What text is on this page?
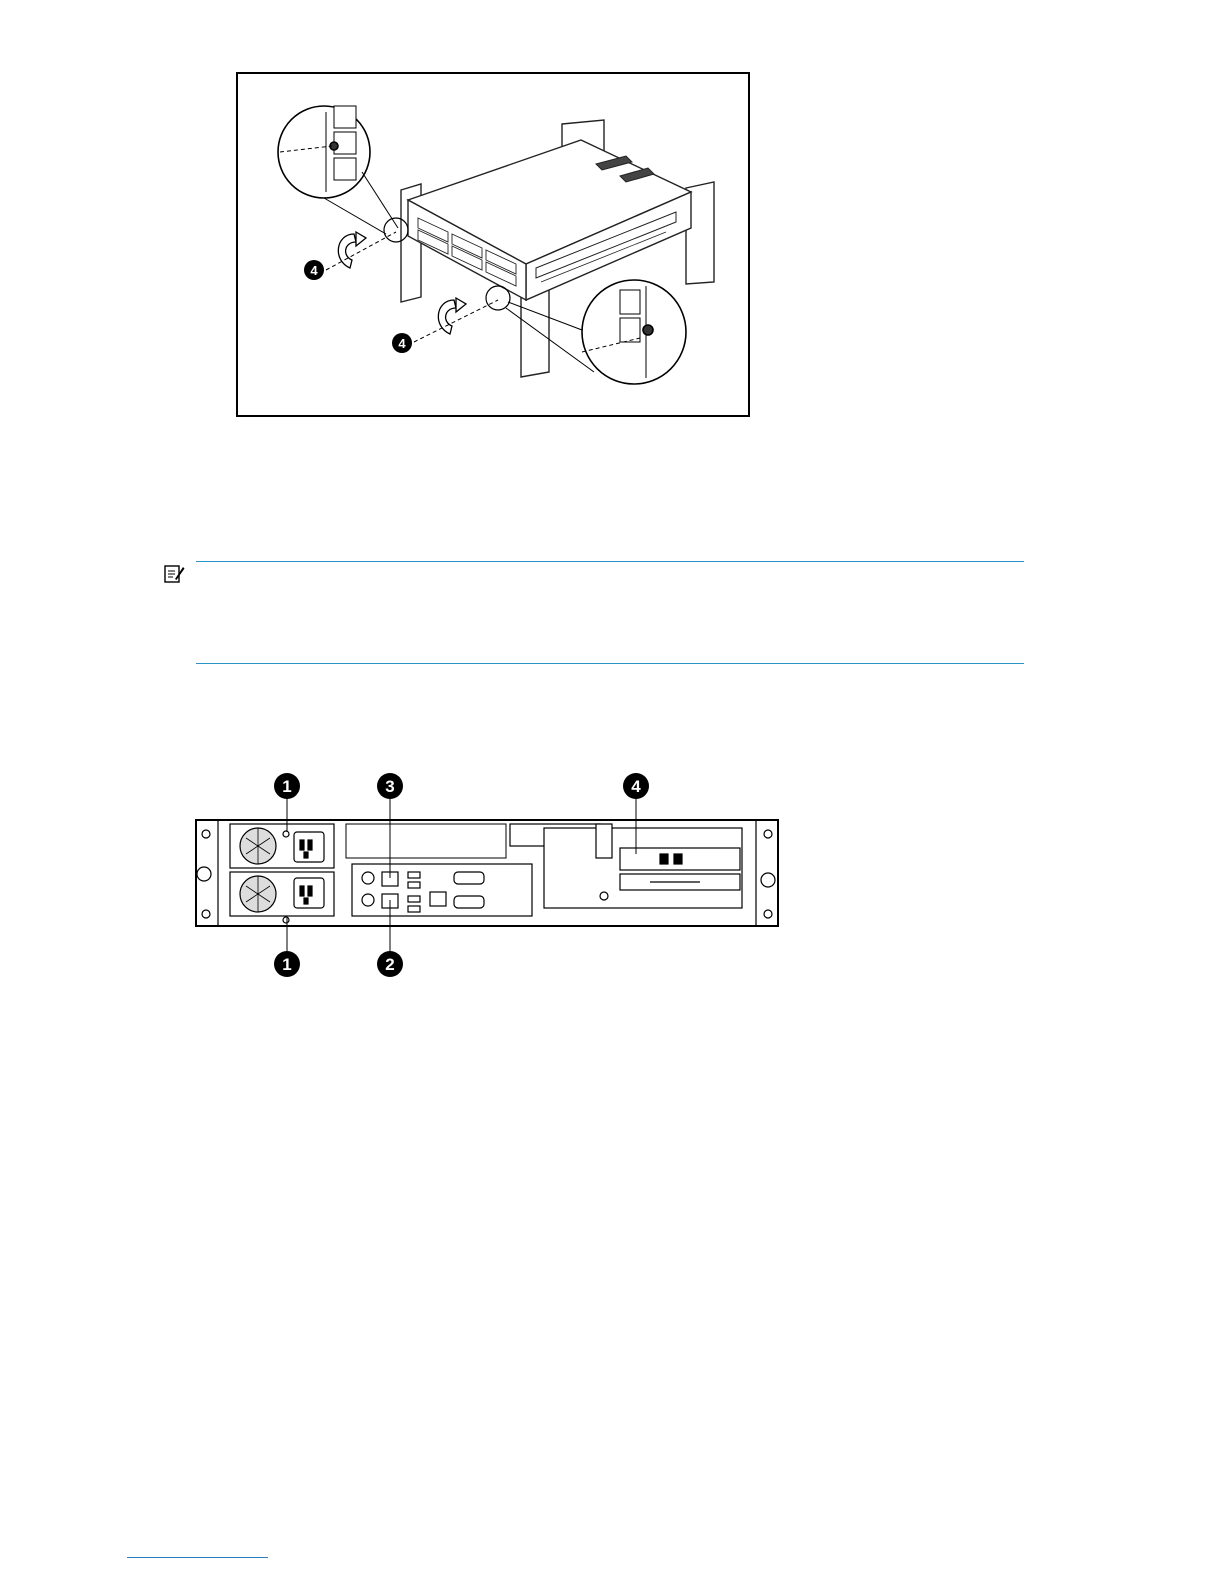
4
4
1	3	4
1	2
